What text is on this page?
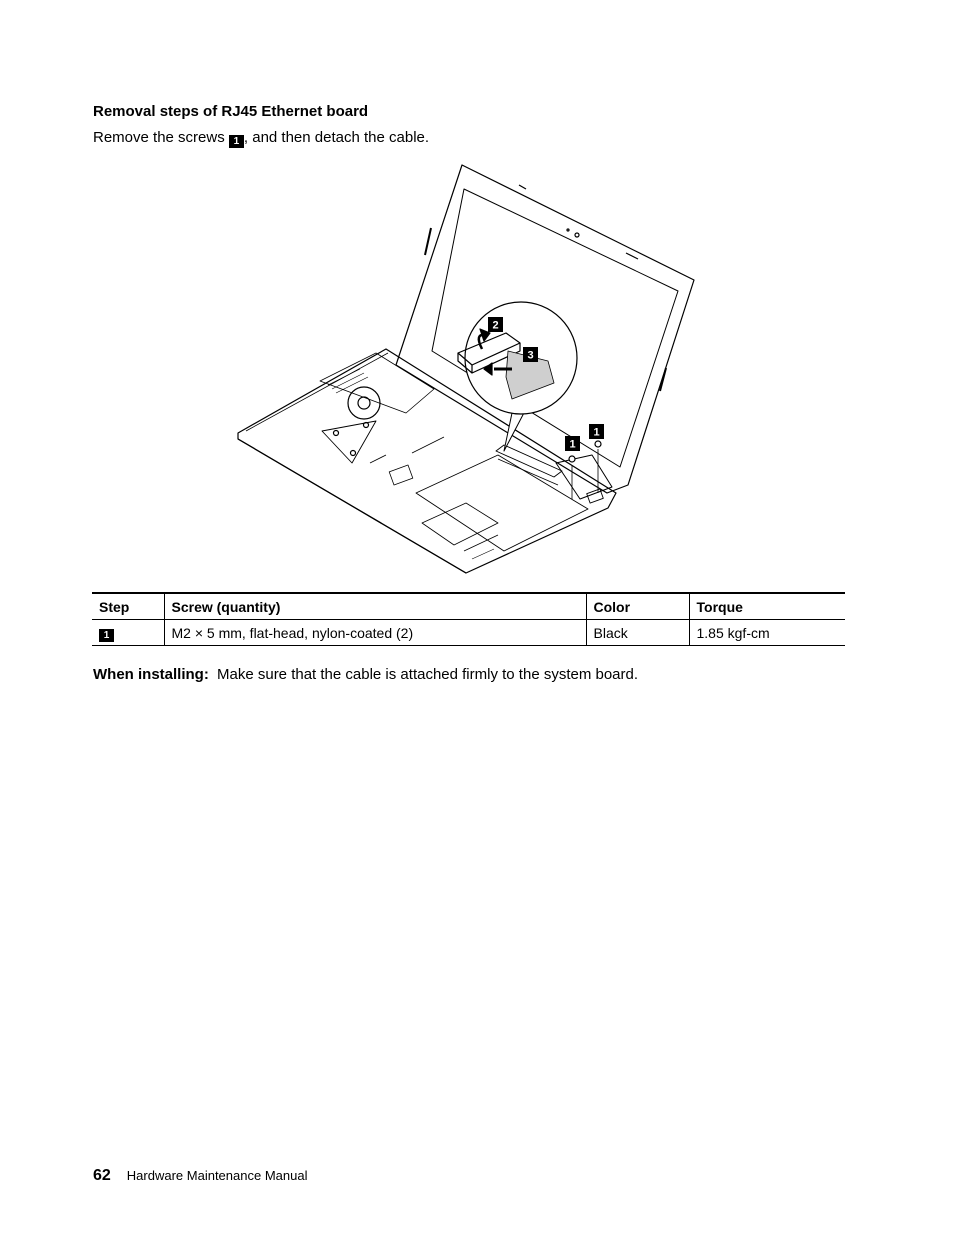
Removal steps of RJ45 Ethernet board
Remove the screws 1 , and then detach the cable.
2
3
1
1
Step	Screw (quantity)	Color	Torque
1	M2 × 5 mm, flat-head, nylon-coated (2)	Black	1.85 kgf-cm
When installing: Make sure that the cable is attached firmly to the system board.
62 Hardware Maintenance Manual
